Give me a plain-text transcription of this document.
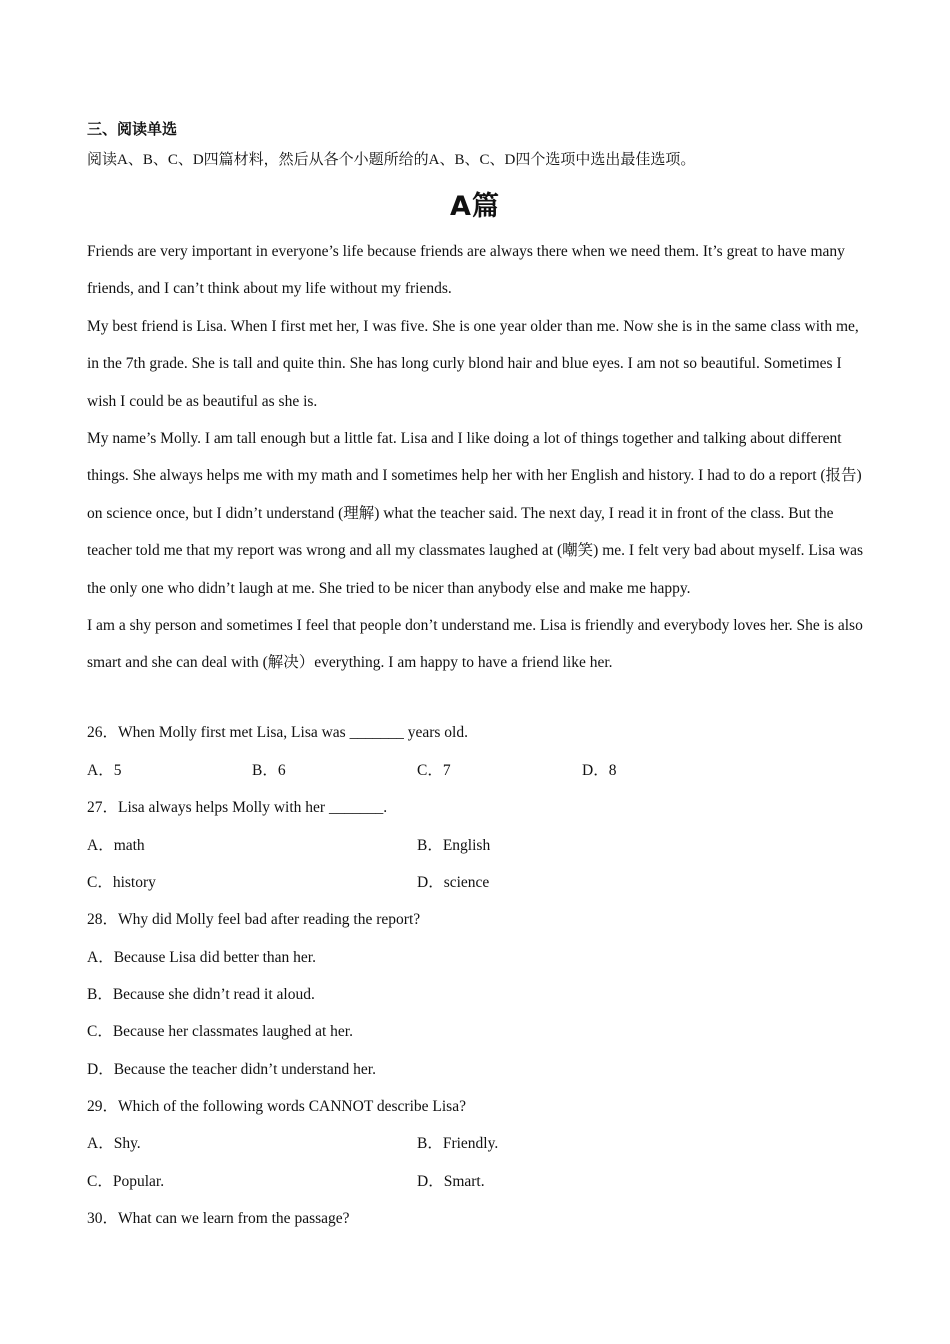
三、阅读单选
阅读A、B、C、D四篇材料，然后从各个小题所给的A、B、C、D四个选项中选出最佳选项。
A篇

Friends are very important in everyone’s life because friends are always there when we need them. It’s great to have many friends, and I can’t think about my life without my friends.

My best friend is Lisa. When I first met her, I was five. She is one year older than me. Now she is in the same class with me, in the 7th grade. She is tall and quite thin. She has long curly blond hair and blue eyes. I am not so beautiful. Sometimes I wish I could be as beautiful as she is.

My name’s Molly. I am tall enough but a little fat. Lisa and I like doing a lot of things together and talking about different things. She always helps me with my math and I sometimes help her with her English and history. I had to do a report (报告) on science once, but I didn’t understand (理解) what the teacher said. The next day, I read it in front of the class. But the teacher told me that my report was wrong and all my classmates laughed at (嘲笑) me. I felt very bad about myself. Lisa was the only one who didn’t laugh at me. She tried to be nicer than anybody else and make me happy.

I am a shy person and sometimes I feel that people don’t understand me. Lisa is friendly and everybody loves her. She is also smart and she can deal with (解决）everything. I am happy to have a friend like her.

26．When Molly first met Lisa, Lisa was _______ years old.
A．5	B．6	C．7	D．8
27．Lisa always helps Molly with her _______.
A．math	B．English
C．history	D．science
28．Why did Molly feel bad after reading the report?
A．Because Lisa did better than her.
B．Because she didn’t read it aloud.
C．Because her classmates laughed at her.
D．Because the teacher didn’t understand her.
29．Which of the following words CANNOT describe Lisa?
A．Shy.	B．Friendly.
C．Popular.	D．Smart.
30．What can we learn from the passage?
